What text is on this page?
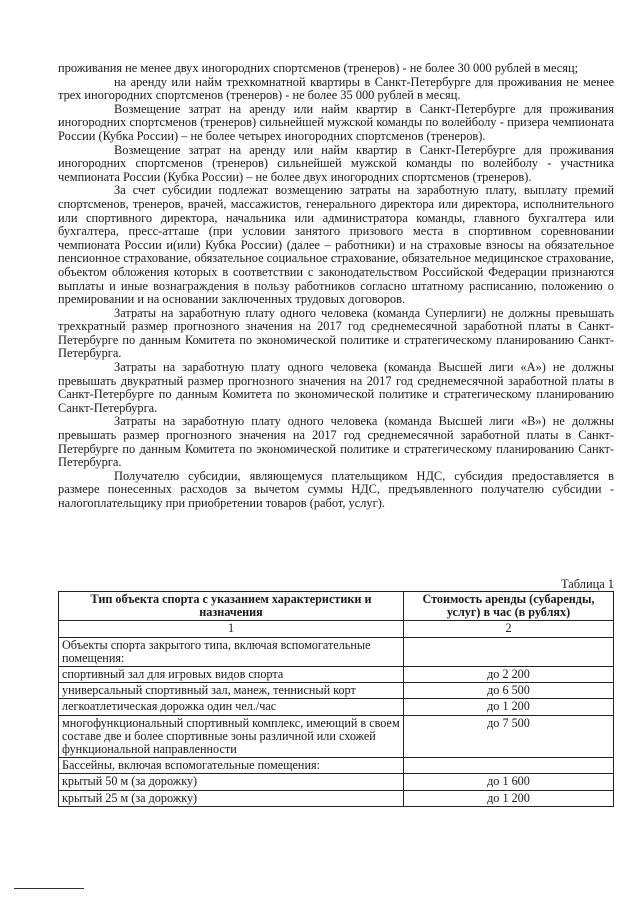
проживания не менее двух иногородних спортсменов (тренеров) - не более 30 000 рублей в месяц;

на аренду или найм трехкомнатной квартиры в Санкт-Петербурге для проживания не менее трех иногородних спортсменов (тренеров) - не более 35 000 рублей в месяц.

Возмещение затрат на аренду или найм квартир в Санкт-Петербурге для проживания иногородних спортсменов (тренеров) сильнейшей мужской команды по волейболу - призера чемпионата России (Кубка России) – не более четырех иногородних спортсменов (тренеров).

Возмещение затрат на аренду или найм квартир в Санкт-Петербурге для проживания иногородних спортсменов (тренеров) сильнейшей мужской команды по волейболу - участника чемпионата России (Кубка России) – не более двух иногородних спортсменов (тренеров).

За счет субсидии подлежат возмещению затраты на заработную плату, выплату премий спортсменов, тренеров, врачей, массажистов, генерального директора или директора, исполнительного или спортивного директора, начальника или администратора команды, главного бухгалтера или бухгалтера, пресс-атташе (при условии занятого призового места в спортивном соревновании чемпионата России и(или) Кубка России) (далее – работники) и на страховые взносы на обязательное пенсионное страхование, обязательное социальное страхование, обязательное медицинское страхование, объектом обложения которых в соответствии с законодательством Российской Федерации признаются выплаты и иные вознаграждения в пользу работников согласно штатному расписанию, положению о премировании и на основании заключенных трудовых договоров.

Затраты на заработную плату одного человека (команда Суперлиги) не должны превышать трехкратный размер прогнозного значения на 2017 год среднемесячной заработной платы в Санкт-Петербурге по данным Комитета по экономической политике и стратегическому планированию Санкт-Петербурга.

Затраты на заработную плату одного человека (команда Высшей лиги «А») не должны превышать двукратный размер прогнозного значения на 2017 год среднемесячной заработной платы в Санкт-Петербурге по данным Комитета по экономической политике и стратегическому планированию Санкт-Петербурга.

Затраты на заработную плату одного человека (команда Высшей лиги «В») не должны превышать размер прогнозного значения на 2017 год среднемесячной заработной платы в Санкт-Петербурге по данным Комитета по экономической политике и стратегическому планированию Санкт-Петербурга.

Получателю субсидии, являющемуся плательщиком НДС, субсидия предоставляется в размере понесенных расходов за вычетом суммы НДС, предъявленного получателю субсидии - налогоплательщику при приобретении товаров (работ, услуг).

Таблица 1
Тип объекта спорта с указанием характеристики и назначения	Стоимость аренды (субаренды, услуг) в час (в рублях)
1	2
Объекты спорта закрытого типа, включая вспомогательные помещения:	
спортивный зал для игровых видов спорта	до 2 200
универсальный спортивный зал, манеж, теннисный корт	до 6 500
легкоатлетическая дорожка один чел./час	до 1 200
многофункциональный спортивный комплекс, имеющий в своем составе две и более спортивные зоны различной или схожей функциональной направленности	до 7 500
Бассейны, включая вспомогательные помещения:	
крытый 50 м (за дорожку)	до 1 600
крытый 25 м (за дорожку)	до 1 200
